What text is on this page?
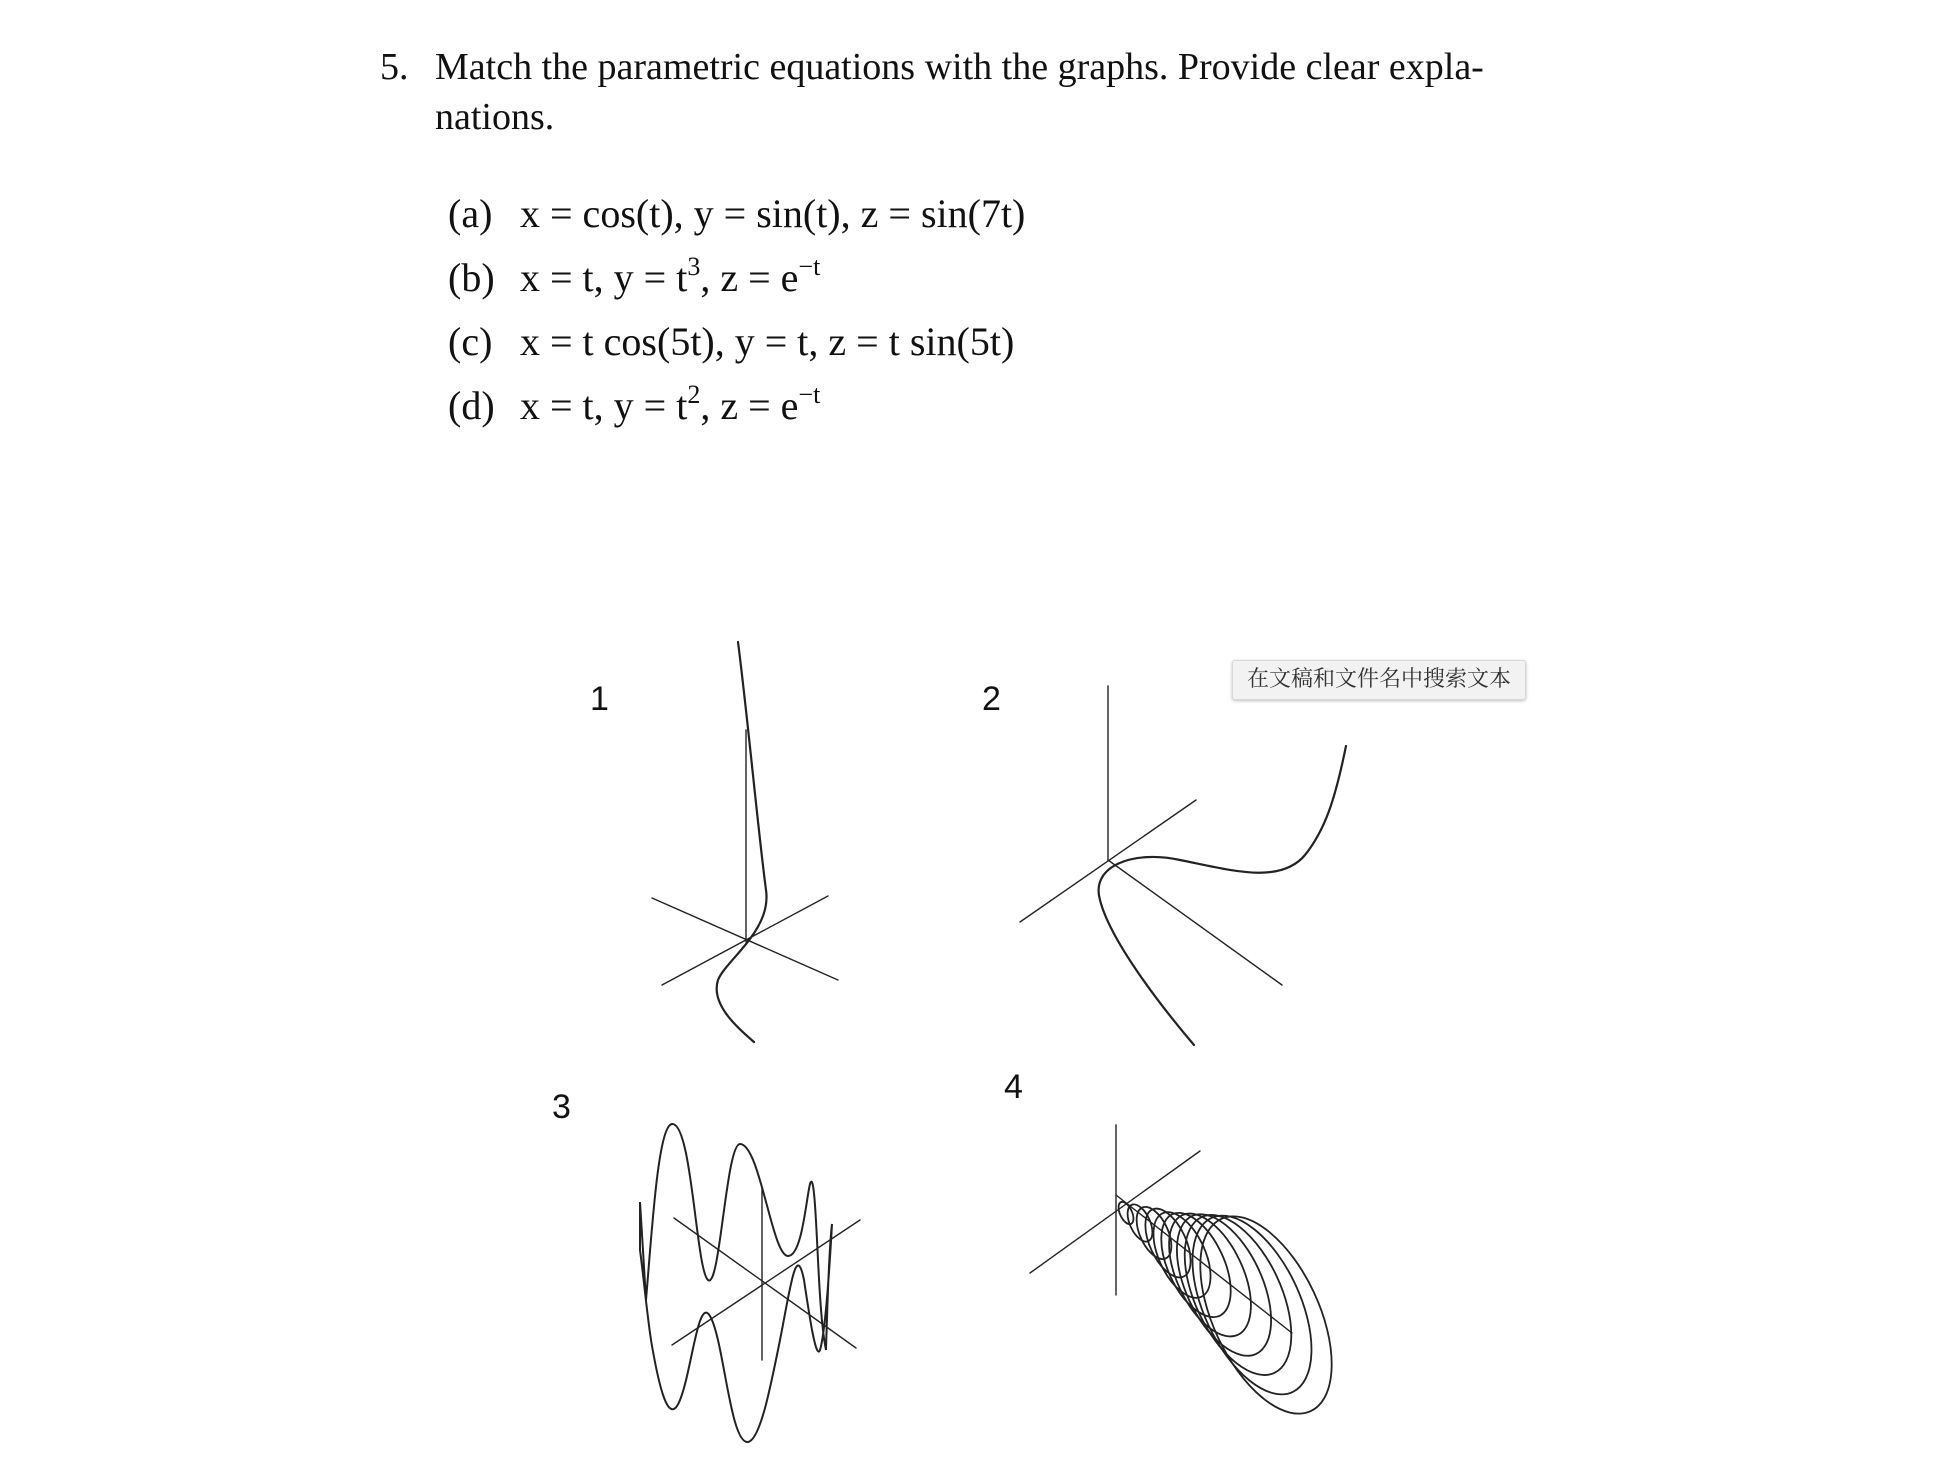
5. Match the parametric equations with the graphs. Provide clear expla-
nations.
(a) x = cos(t), y = sin(t), z = sin(7t)
(b) x = t, $y = t^3$, $z = e^{-t}$
(c) x = t cos(5t), y = t, z = t sin(5t)
(d) x = t, $y = t^2$, $z = e^{-t}$
1	2
3
4
在文稿和文件名中搜索文本
